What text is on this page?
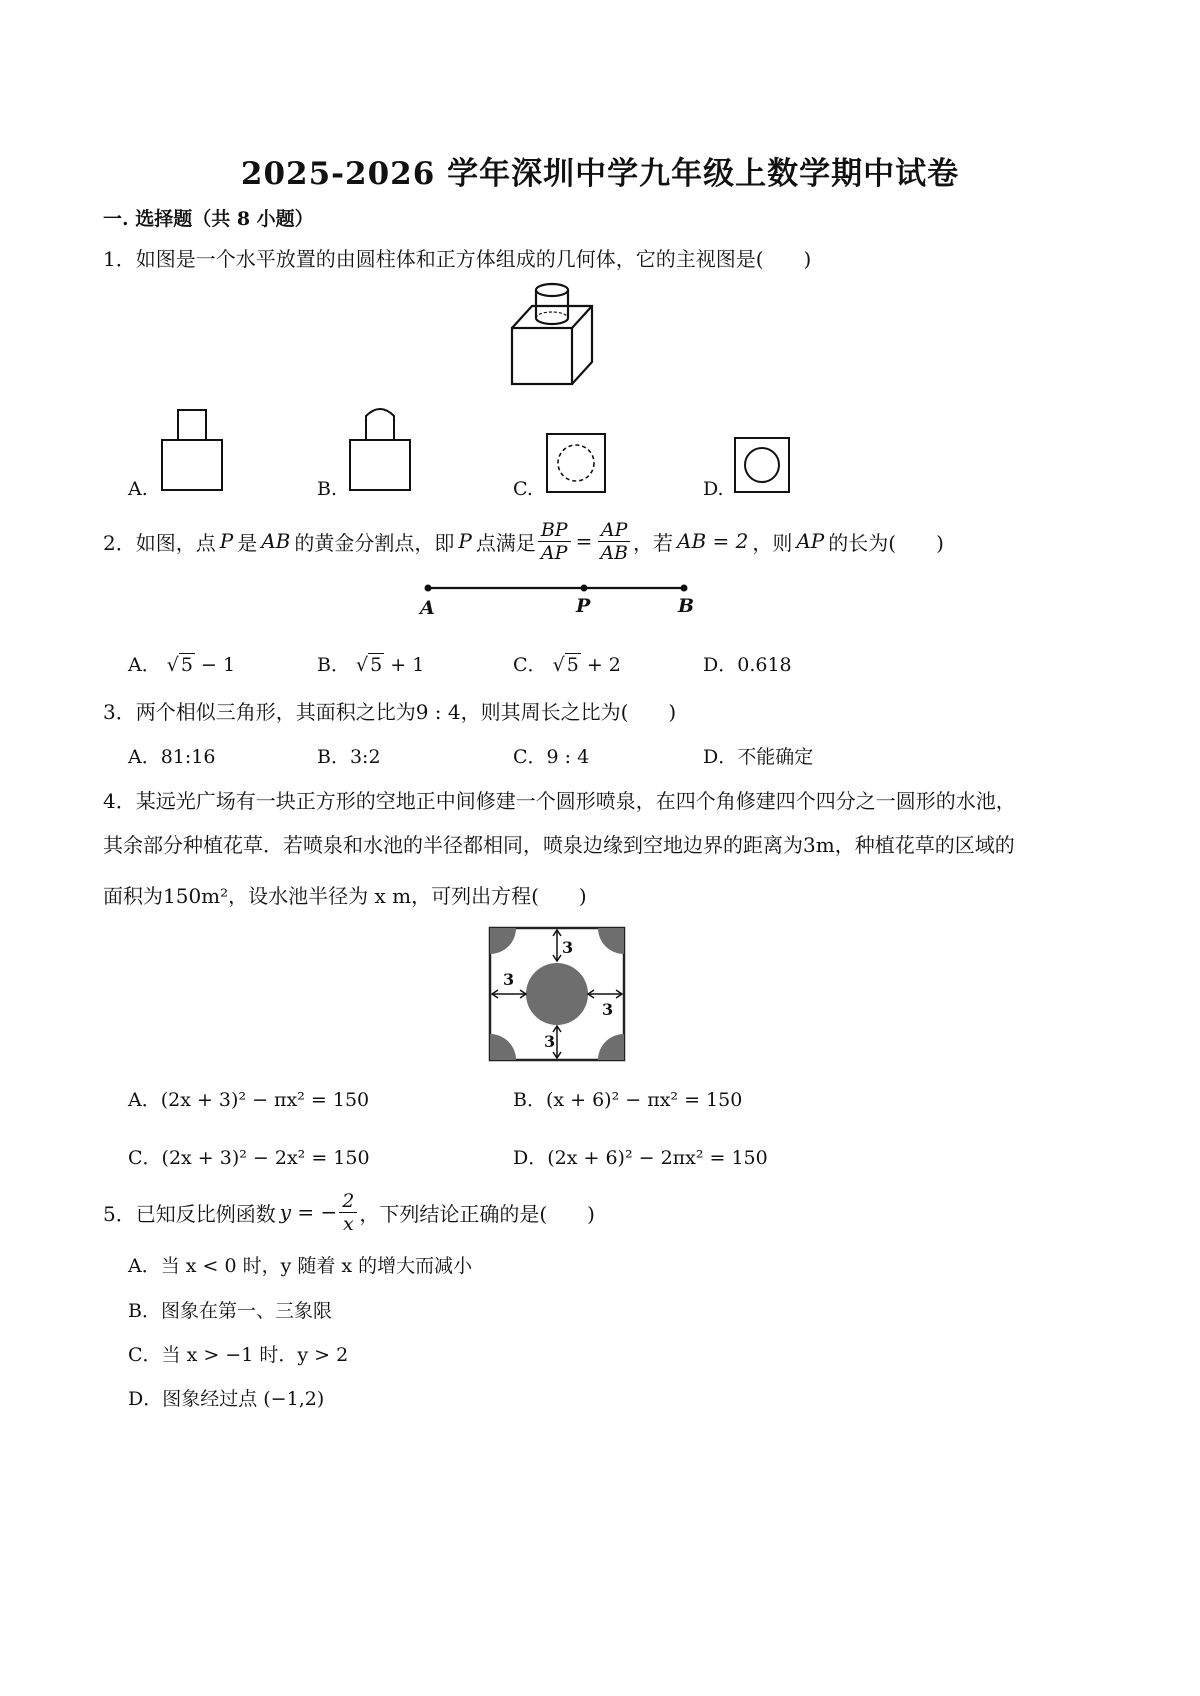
2025-2026 学年深圳中学九年级上数学期中试卷
一. 选择题（共 8 小题）
1．如图是一个水平放置的由圆柱体和正方体组成的几何体，它的主视图是(　　)
A.	B.	C.	D.
2．如图，点 P 是 AB 的黄金分割点，即 P 点满足 $\frac{BP}{AP} = \frac{AP}{AB}$ ，若 AB = 2 ，则 AP 的长为(　　)
A	P	B
A． √ 5 − 1	B． √ 5 + 1	C． √ 5 + 2	D．0.618
3．两个相似三角形，其面积之比为9 : 4，则其周长之比为(　　)
A．81:16	B．3:2	C．9 : 4	D．不能确定
4．某远光广场有一块正方形的空地正中间修建一个圆形喷泉，在四个角修建四个四分之一圆形的水池，
其余部分种植花草．若喷泉和水池的半径都相同，喷泉边缘到空地边界的距离为3m，种植花草的区域的
面积为150m²，设水池半径为 x m，可列出方程(　　)
3
3
3
3
A．(2x + 3)² − πx² = 150	B．(x + 6)² − πx² = 150
C．(2x + 3)² − 2x² = 150	D．(2x + 6)² − 2πx² = 150
5．已知反比例函数 y = − $\frac{2}{x}$ ，下列结论正确的是(　　)
A．当 x < 0 时，y 随着 x 的增大而减小
B．图象在第一、三象限
C．当 x > −1 时．y > 2
D．图象经过点 (−1,2)
